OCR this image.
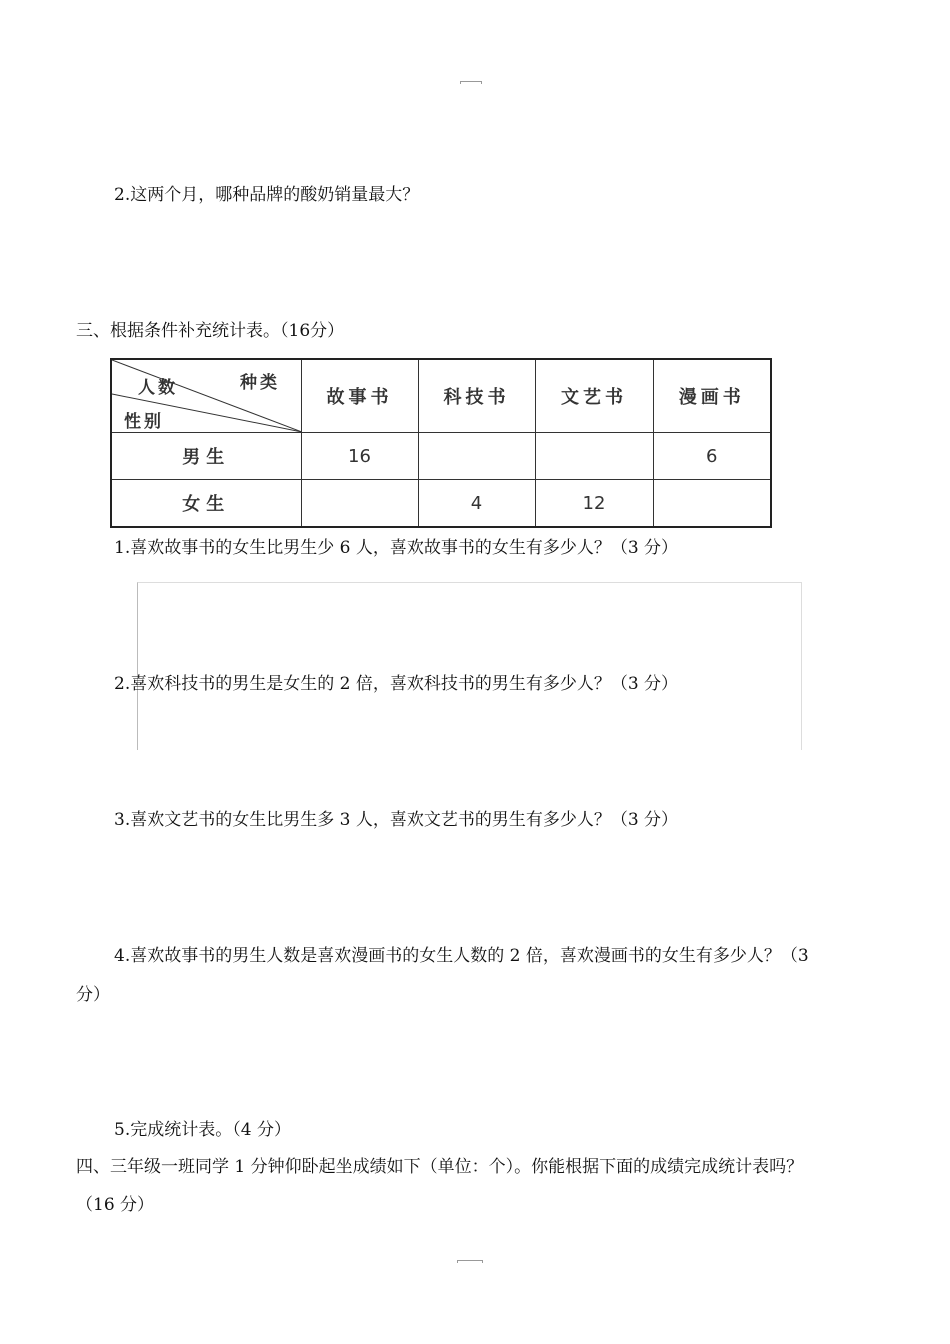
2.这两个月，哪种品牌的酸奶销量最大？
三、根据条件补充统计表。（16分）
种类
人数
性别	故事书	科技书	文艺书	漫画书
男生	16			6
女生		4	12	
1.喜欢故事书的女生比男生少 6 人，喜欢故事书的女生有多少人？（3 分）
2.喜欢科技书的男生是女生的 2 倍，喜欢科技书的男生有多少人？（3 分）
3.喜欢文艺书的女生比男生多 3 人，喜欢文艺书的男生有多少人？（3 分）
4.喜欢故事书的男生人数是喜欢漫画书的女生人数的 2 倍，喜欢漫画书的女生有多少人？（3
分）
5.完成统计表。（4 分）
四、三年级一班同学 1 分钟仰卧起坐成绩如下（单位：个）。你能根据下面的成绩完成统计表吗？
（16 分）
